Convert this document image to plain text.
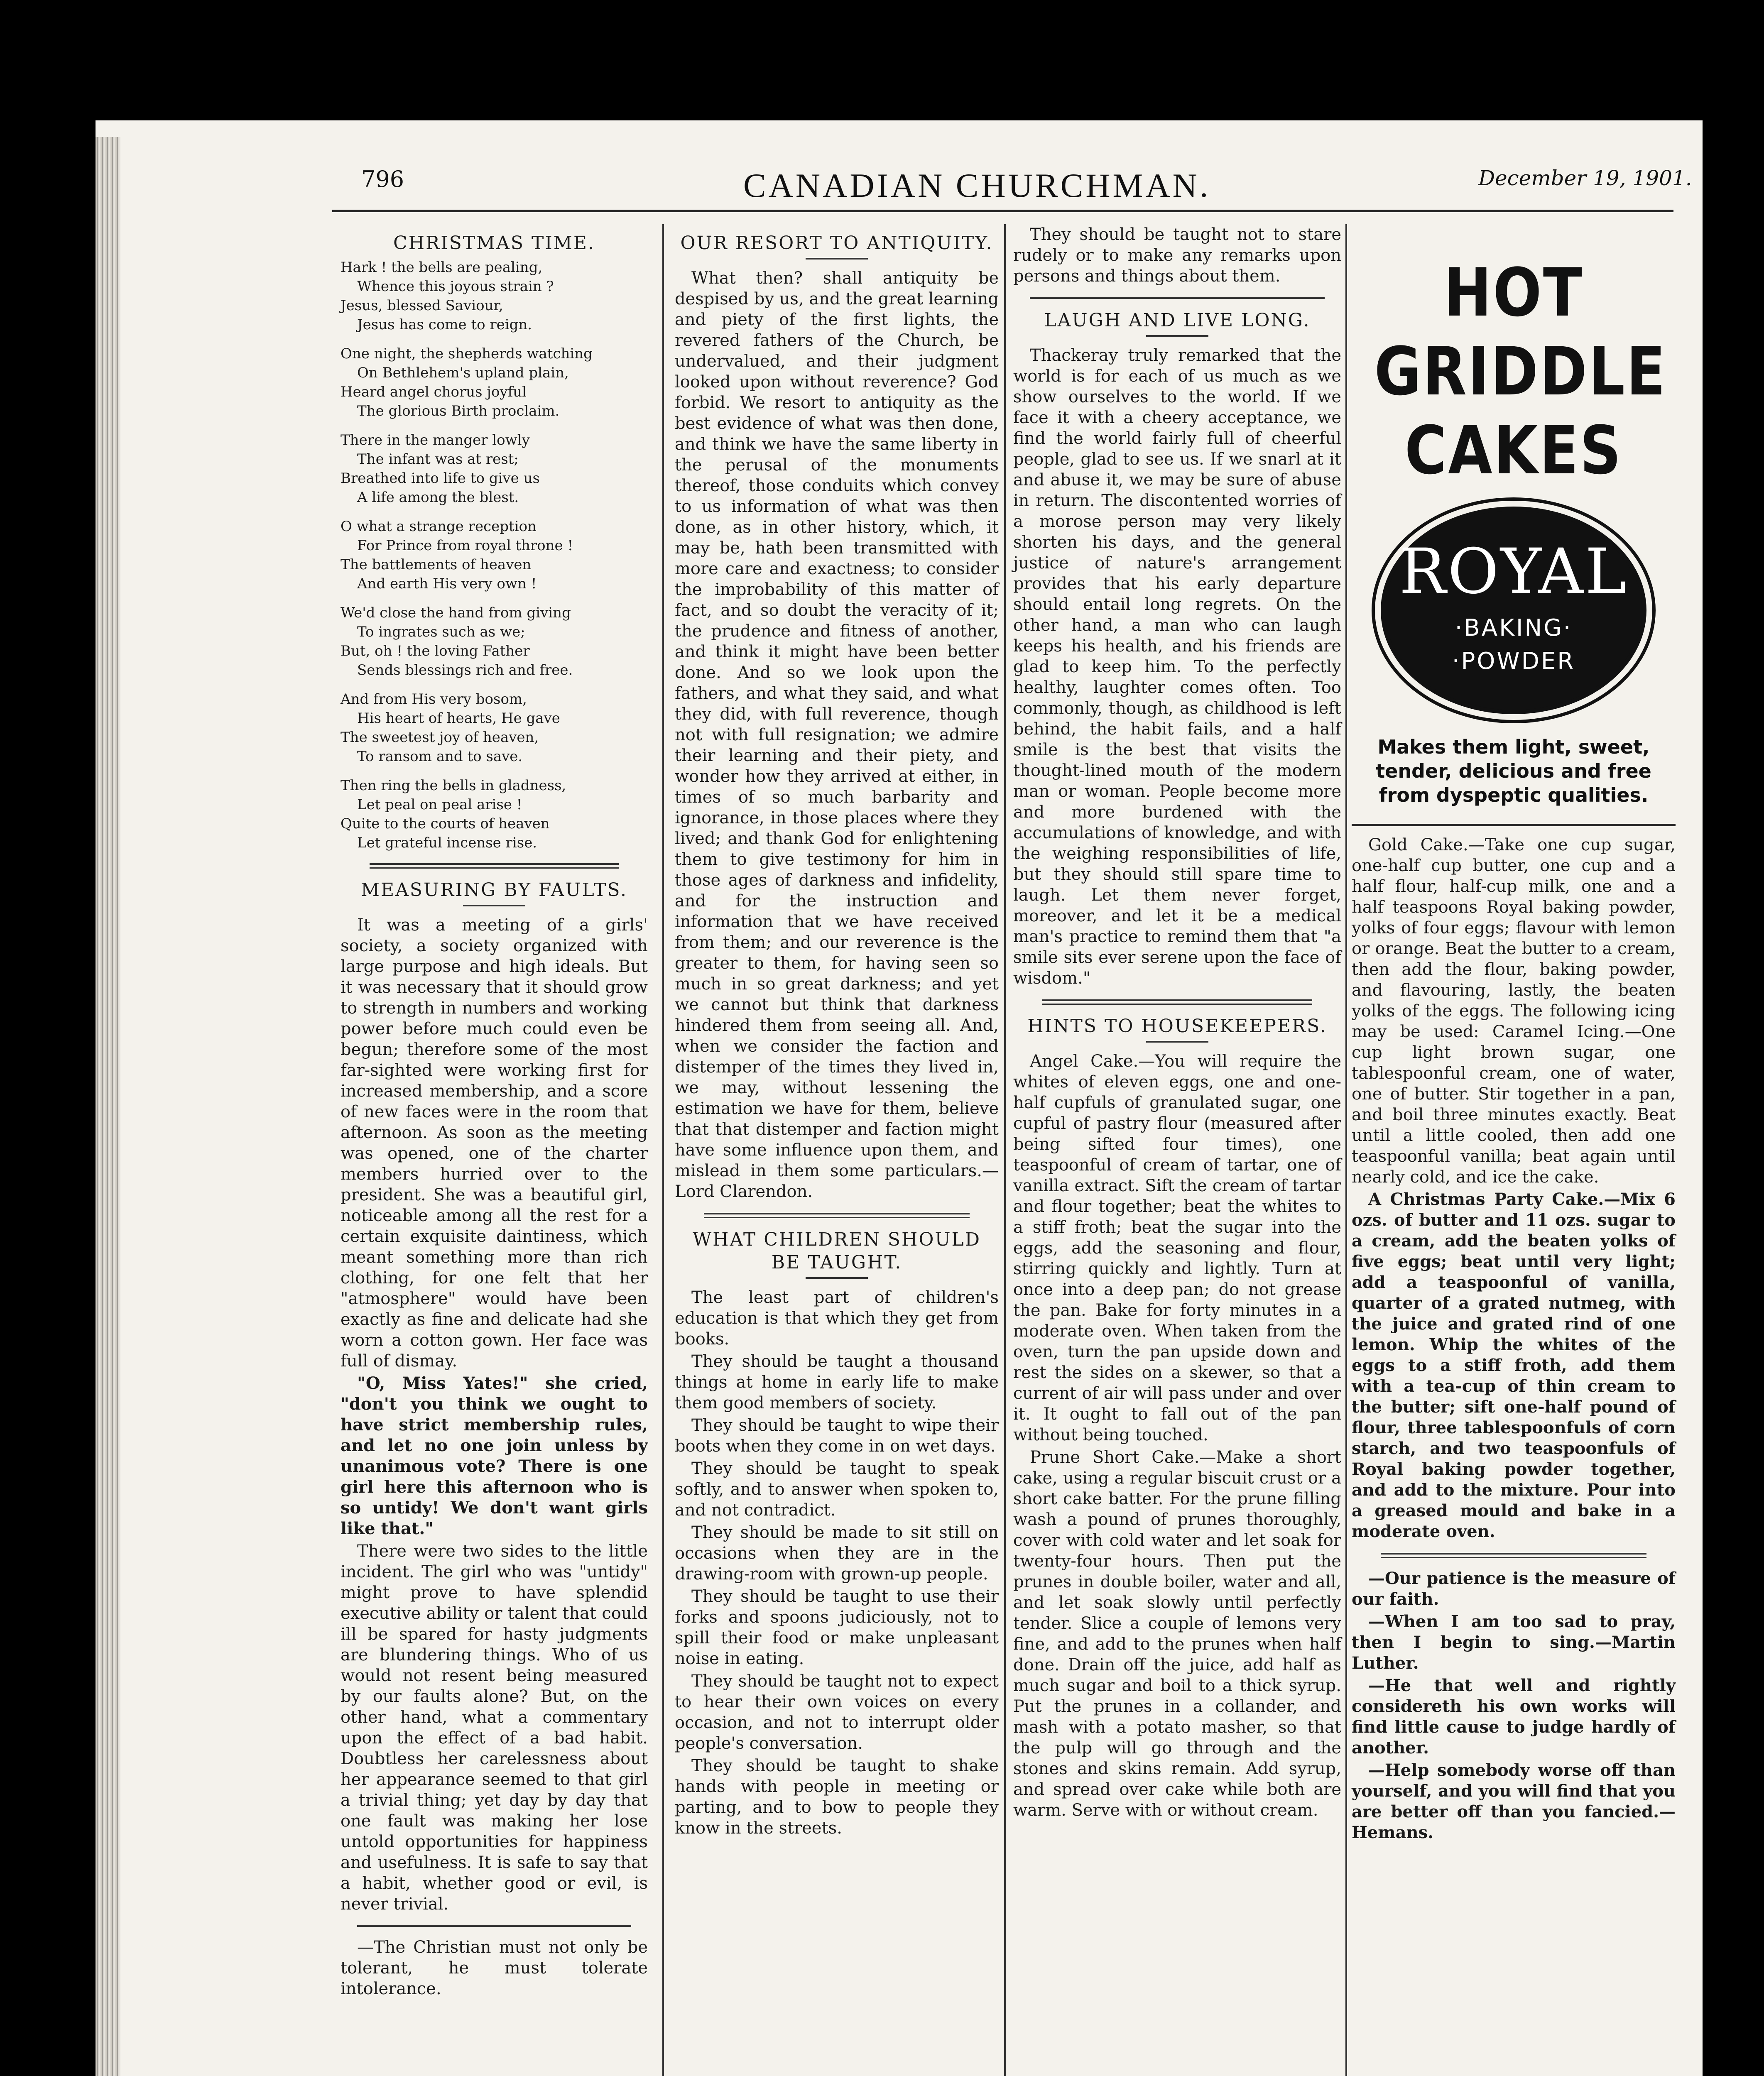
796	CANADIAN CHURCHMAN.	December 19, 1901.
CHRISTMAS TIME.

Hark ! the bells are pealing,

Whence this joyous strain ?

Jesus, blessed Saviour,

Jesus has come to reign.

One night, the shepherds watching

On Bethlehem's upland plain,

Heard angel chorus joyful

The glorious Birth proclaim.

There in the manger lowly

The infant was at rest;

Breathed into life to give us

A life among the blest.

O what a strange reception

For Prince from royal throne !

The battlements of heaven

And earth His very own !

We'd close the hand from giving

To ingrates such as we;

But, oh ! the loving Father

Sends blessings rich and free.

And from His very bosom,

His heart of hearts, He gave

The sweetest joy of heaven,

To ransom and to save.

Then ring the bells in gladness,

Let peal on peal arise !

Quite to the courts of heaven

Let grateful incense rise.

MEASURING BY FAULTS.

It was a meeting of a girls' society, a society organized with large purpose and high ideals. But it was necessary that it should grow to strength in numbers and working power before much could even be begun; therefore some of the most far-sighted were working first for increased membership, and a score of new faces were in the room that afternoon. As soon as the meeting was opened, one of the charter members hurried over to the president. She was a beautiful girl, noticeable among all the rest for a certain exquisite daintiness, which meant something more than rich clothing, for one felt that her "atmosphere" would have been exactly as fine and delicate had she worn a cotton gown. Her face was full of dismay.

"O, Miss Yates!" she cried, "don't you think we ought to have strict membership rules, and let no one join unless by unanimous vote? There is one girl here this afternoon who is so untidy! We don't want girls like that."

There were two sides to the little incident. The girl who was "untidy" might prove to have splendid executive ability or talent that could ill be spared for hasty judgments are blundering things. Who of us would not resent being measured by our faults alone? But, on the other hand, what a commentary upon the effect of a bad habit. Doubtless her carelessness about her appearance seemed to that girl a trivial thing; yet day by day that one fault was making her lose untold opportunities for happiness and usefulness. It is safe to say that a habit, whether good or evil, is never trivial.

—The Christian must not only be tolerant, he must tolerate intolerance.

OUR RESORT TO ANTIQUITY.

What then? shall antiquity be despised by us, and the great learning and piety of the first lights, the revered fathers of the Church, be undervalued, and their judgment looked upon without reverence? God forbid. We resort to antiquity as the best evidence of what was then done, and think we have the same liberty in the perusal of the monuments thereof, those conduits which convey to us information of what was then done, as in other history, which, it may be, hath been transmitted with more care and exactness; to consider the improbability of this matter of fact, and so doubt the veracity of it; the prudence and fitness of another, and think it might have been better done. And so we look upon the fathers, and what they said, and what they did, with full reverence, though not with full resignation; we admire their learning and their piety, and wonder how they arrived at either, in times of so much barbarity and ignorance, in those places where they lived; and thank God for enlightening them to give testimony for him in those ages of darkness and infidelity, and for the instruction and information that we have received from them; and our reverence is the greater to them, for having seen so much in so great darkness; and yet we cannot but think that darkness hindered them from seeing all. And, when we consider the faction and distemper of the times they lived in, we may, without lessening the estimation we have for them, believe that that distemper and faction might have some influence upon them, and mislead in them some particulars.—Lord Clarendon.

WHAT CHILDREN SHOULD BE TAUGHT.

The least part of children's education is that which they get from books.

They should be taught a thousand things at home in early life to make them good members of society.

They should be taught to wipe their boots when they come in on wet days.

They should be taught to speak softly, and to answer when spoken to, and not contradict.

They should be made to sit still on occasions when they are in the drawing-room with grown-up people.

They should be taught to use their forks and spoons judiciously, not to spill their food or make unpleasant noise in eating.

They should be taught not to expect to hear their own voices on every occasion, and not to interrupt older people's conversation.

They should be taught to shake hands with people in meeting or parting, and to bow to people they know in the streets.

They should be taught not to stare rudely or to make any remarks upon persons and things about them.

LAUGH AND LIVE LONG.

Thackeray truly remarked that the world is for each of us much as we show ourselves to the world. If we face it with a cheery acceptance, we find the world fairly full of cheerful people, glad to see us. If we snarl at it and abuse it, we may be sure of abuse in return. The discontented worries of a morose person may very likely shorten his days, and the general justice of nature's arrangement provides that his early departure should entail long regrets. On the other hand, a man who can laugh keeps his health, and his friends are glad to keep him. To the perfectly healthy, laughter comes often. Too commonly, though, as childhood is left behind, the habit fails, and a half smile is the best that visits the thought-lined mouth of the modern man or woman. People become more and more burdened with the accumulations of knowledge, and with the weighing responsibilities of life, but they should still spare time to laugh. Let them never forget, moreover, and let it be a medical man's practice to remind them that "a smile sits ever serene upon the face of wisdom."

HINTS TO HOUSEKEEPERS.

Angel Cake.—You will require the whites of eleven eggs, one and one-half cupfuls of granulated sugar, one cupful of pastry flour (measured after being sifted four times), one teaspoonful of cream of tartar, one of vanilla extract. Sift the cream of tartar and flour together; beat the whites to a stiff froth; beat the sugar into the eggs, add the seasoning and flour, stirring quickly and lightly. Turn at once into a deep pan; do not grease the pan. Bake for forty minutes in a moderate oven. When taken from the oven, turn the pan upside down and rest the sides on a skewer, so that a current of air will pass under and over it. It ought to fall out of the pan without being touched.

Prune Short Cake.—Make a short cake, using a regular biscuit crust or a short cake batter. For the prune filling wash a pound of prunes thoroughly, cover with cold water and let soak for twenty-four hours. Then put the prunes in double boiler, water and all, and let soak slowly until perfectly tender. Slice a couple of lemons very fine, and add to the prunes when half done. Drain off the juice, add half as much sugar and boil to a thick syrup. Put the prunes in a collander, and mash with a potato masher, so that the pulp will go through and the stones and skins remain. Add syrup, and spread over cake while both are warm. Serve with or without cream.

HOT
GRIDDLE
CAKES
ROYAL
·BAKING·
·POWDER
Makes them light, sweet, tender, delicious and free from dyspeptic qualities.

Gold Cake.—Take one cup sugar, one-half cup butter, one cup and a half flour, half-cup milk, one and a half teaspoons Royal baking powder, yolks of four eggs; flavour with lemon or orange. Beat the butter to a cream, then add the flour, baking powder, and flavouring, lastly, the beaten yolks of the eggs. The following icing may be used: Caramel Icing.—One cup light brown sugar, one tablespoonful cream, one of water, one of butter. Stir together in a pan, and boil three minutes exactly. Beat until a little cooled, then add one teaspoonful vanilla; beat again until nearly cold, and ice the cake.

A Christmas Party Cake.—Mix 6 ozs. of butter and 11 ozs. sugar to a cream, add the beaten yolks of five eggs; beat until very light; add a teaspoonful of vanilla, quarter of a grated nutmeg, with the juice and grated rind of one lemon. Whip the whites of the eggs to a stiff froth, add them with a tea-cup of thin cream to the butter; sift one-half pound of flour, three tablespoonfuls of corn starch, and two teaspoonfuls of Royal baking powder together, and add to the mixture. Pour into a greased mould and bake in a moderate oven.

—Our patience is the measure of our faith.

—When I am too sad to pray, then I begin to sing.—Martin Luther.

—He that well and rightly considereth his own works will find little cause to judge hardly of another.

—Help somebody worse off than yourself, and you will find that you are better off than you fancied.—Hemans.
